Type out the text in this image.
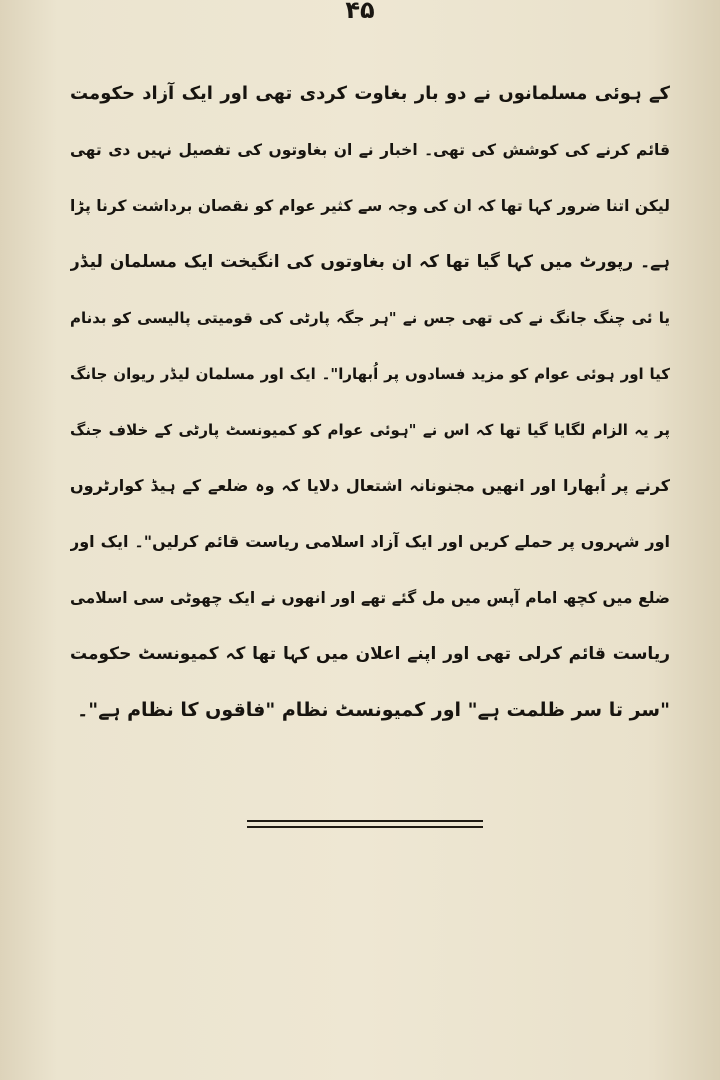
۴۵
کے ہوئی مسلمانوں نے دو بار بغاوت کردی تھی اور ایک آزاد حکومت
قائم کرنے کی کوشش کی تھی۔ اخبار نے ان بغاوتوں کی تفصیل نہیں دی تھی
لیکن اتنا ضرور کہا تھا کہ ان کی وجہ سے کثیر عوام کو نقصان برداشت کرنا پڑا
ہے۔ رپورٹ میں کہا گیا تھا کہ ان بغاوتوں کی انگیخت ایک مسلمان لیڈر
یا ئی چنگ جانگ نے کی تھی جس نے "ہر جگہ پارٹی کی قومیتی پالیسی کو بدنام
کیا اور ہوئی عوام کو مزید فسادوں پر اُبھارا"۔ ایک اور مسلمان لیڈر ریوان جانگ
پر یہ الزام لگایا گیا تھا کہ اس نے "ہوئی عوام کو کمیونسٹ پارٹی کے خلاف جنگ
کرنے پر اُبھارا اور انھیں مجنونانہ اشتعال دلایا کہ وہ ضلعے کے ہیڈ کوارٹروں
اور شہروں پر حملے کریں اور ایک آزاد اسلامی ریاست قائم کرلیں"۔ ایک اور
ضلع میں کچھ امام آپس میں مل گئے تھے اور انھوں نے ایک چھوٹی سی اسلامی
ریاست قائم کرلی تھی اور اپنے اعلان میں کہا تھا کہ کمیونسٹ حکومت
"سر تا سر ظلمت ہے" اور کمیونسٹ نظام "فاقوں کا نظام ہے"۔
